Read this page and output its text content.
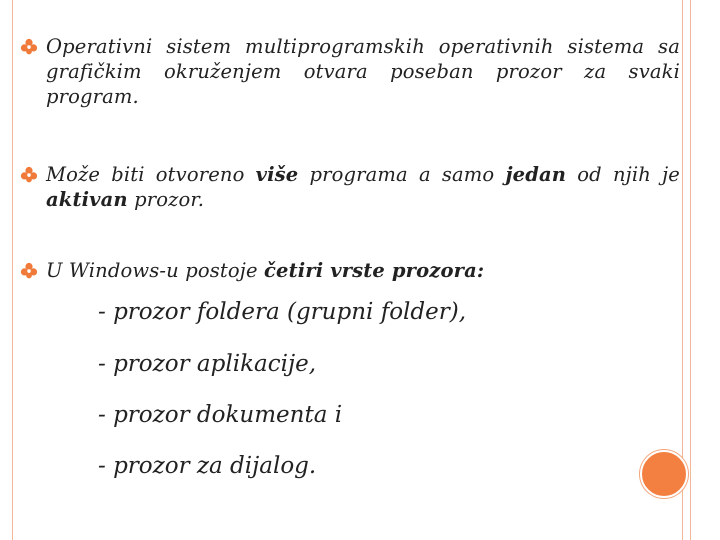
Operativni sistem multiprogramskih operativnih sistema sa grafičkim okruženjem otvara poseban prozor za svaki program.
Može biti otvoreno više programa a samo jedan od njih je aktivan prozor.
U Windows-u postoje četiri vrste prozora:
- prozor foldera (grupni folder),
- prozor aplikacije,
- prozor dokumenta i
- prozor za dijalog.
